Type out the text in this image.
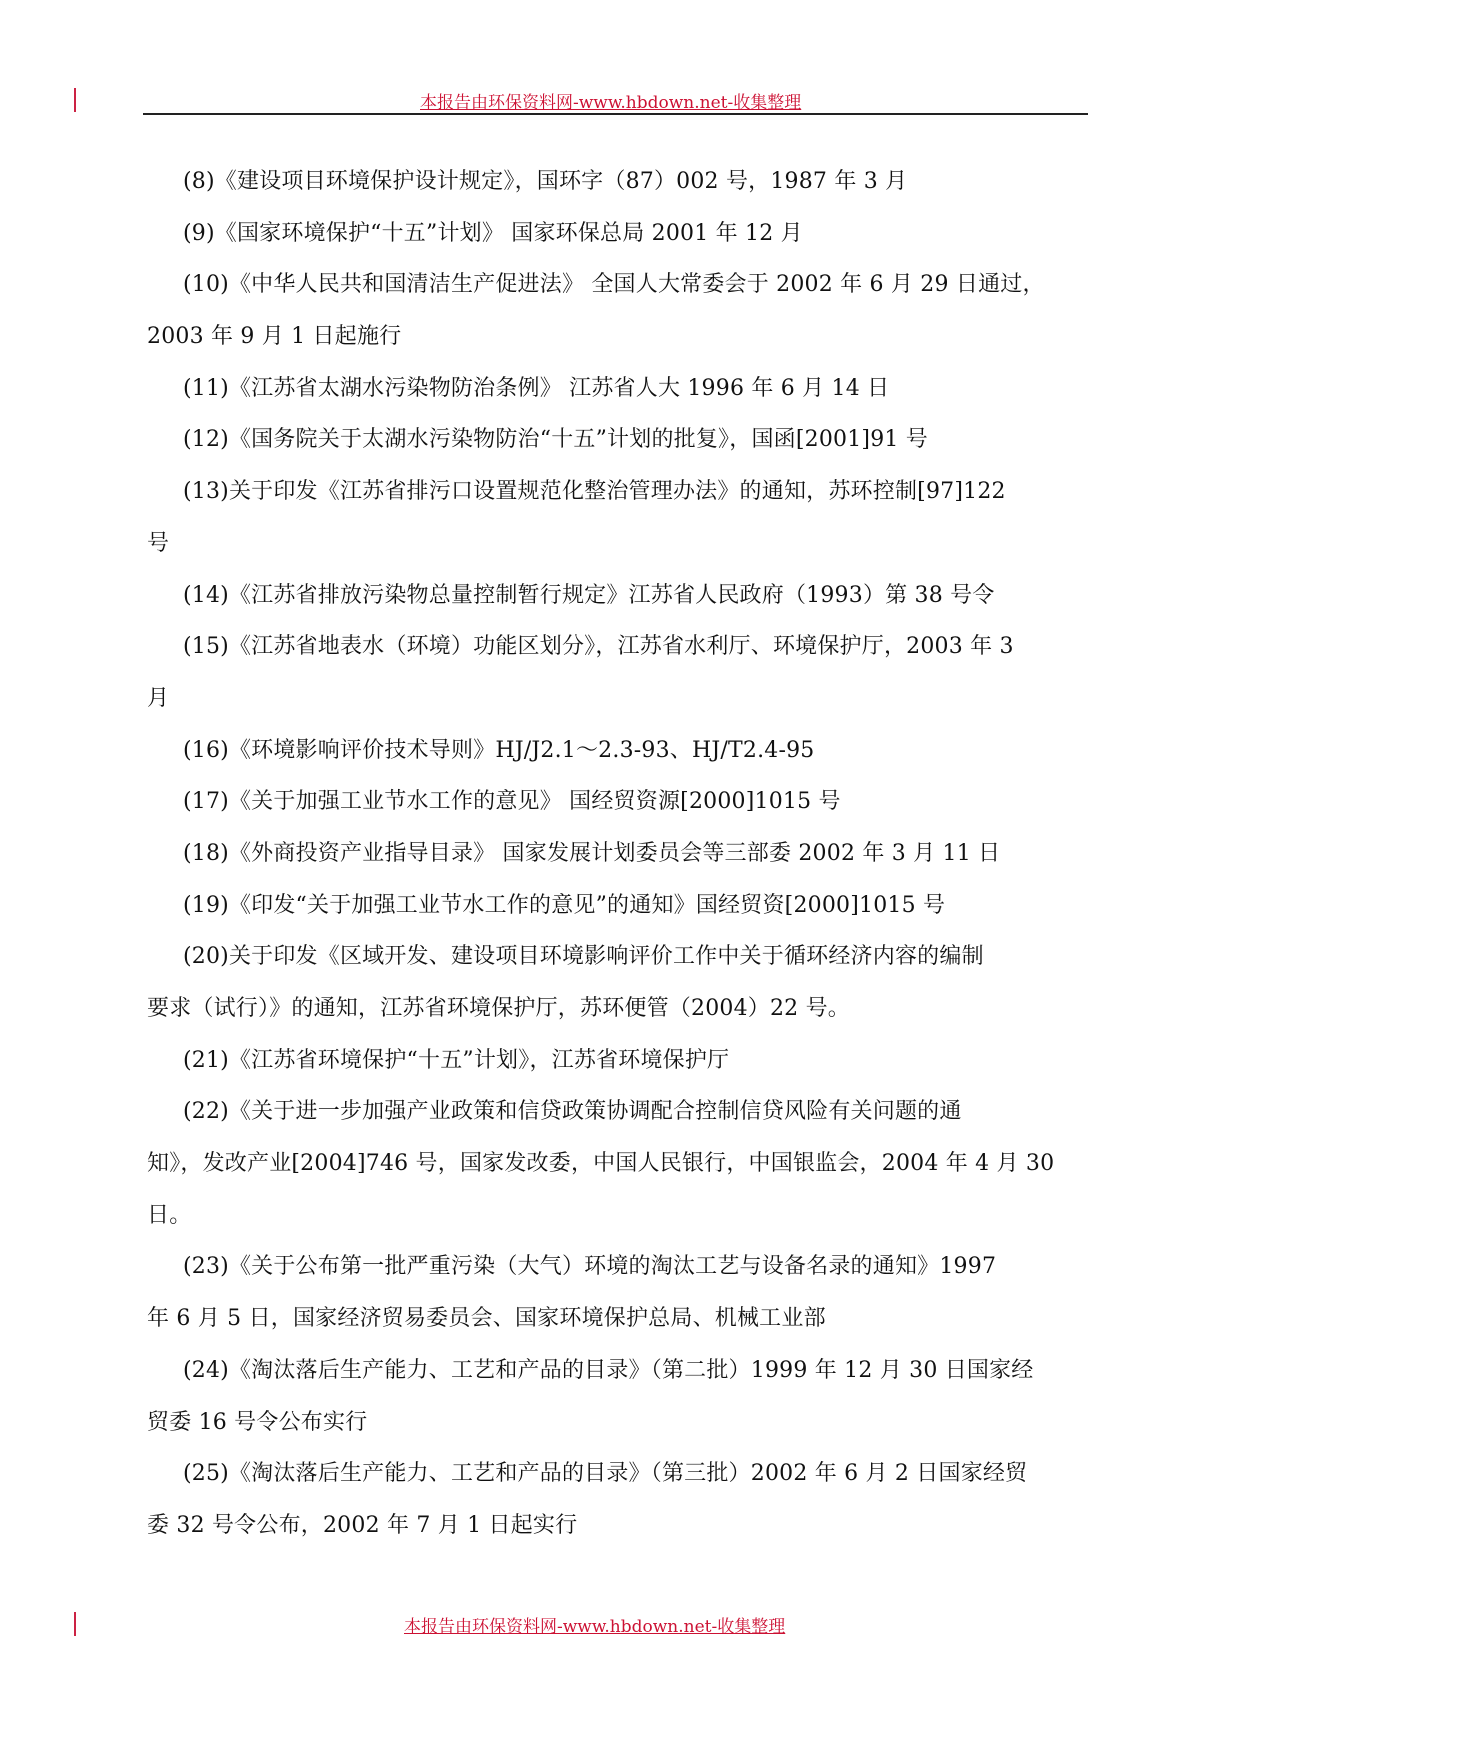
本报告由环保资料网-www.hbdown.net-收集整理
(8)《建设项目环境保护设计规定》，国环字（87）002 号，1987 年 3 月
(9)《国家环境保护“十五”计划》 国家环保总局 2001 年 12 月
(10)《中华人民共和国清洁生产促进法》 全国人大常委会于 2002 年 6 月 29 日通过，
2003 年 9 月 1 日起施行
(11)《江苏省太湖水污染物防治条例》 江苏省人大 1996 年 6 月 14 日
(12)《国务院关于太湖水污染物防治“十五”计划的批复》，国函[2001]91 号
(13)关于印发《江苏省排污口设置规范化整治管理办法》的通知，苏环控制[97]122
号
(14)《江苏省排放污染物总量控制暂行规定》江苏省人民政府（1993）第 38 号令
(15)《江苏省地表水（环境）功能区划分》，江苏省水利厅、环境保护厅，2003 年 3
月
(16)《环境影响评价技术导则》HJ/J2.1～2.3-93、HJ/T2.4-95
(17)《关于加强工业节水工作的意见》 国经贸资源[2000]1015 号
(18)《外商投资产业指导目录》 国家发展计划委员会等三部委 2002 年 3 月 11 日
(19)《印发“关于加强工业节水工作的意见”的通知》国经贸资[2000]1015 号
(20)关于印发《区域开发、建设项目环境影响评价工作中关于循环经济内容的编制
要求（试行）》的通知，江苏省环境保护厅，苏环便管（2004）22 号。
(21)《江苏省环境保护“十五”计划》，江苏省环境保护厅
(22)《关于进一步加强产业政策和信贷政策协调配合控制信贷风险有关问题的通
知》，发改产业[2004]746 号，国家发改委，中国人民银行，中国银监会，2004 年 4 月 30
日。
(23)《关于公布第一批严重污染（大气）环境的淘汰工艺与设备名录的通知》1997
年 6 月 5 日，国家经济贸易委员会、国家环境保护总局、机械工业部
(24)《淘汰落后生产能力、工艺和产品的目录》（第二批）1999 年 12 月 30 日国家经
贸委 16 号令公布实行
(25)《淘汰落后生产能力、工艺和产品的目录》（第三批）2002 年 6 月 2 日国家经贸
委 32 号令公布，2002 年 7 月 1 日起实行
本报告由环保资料网-www.hbdown.net-收集整理
